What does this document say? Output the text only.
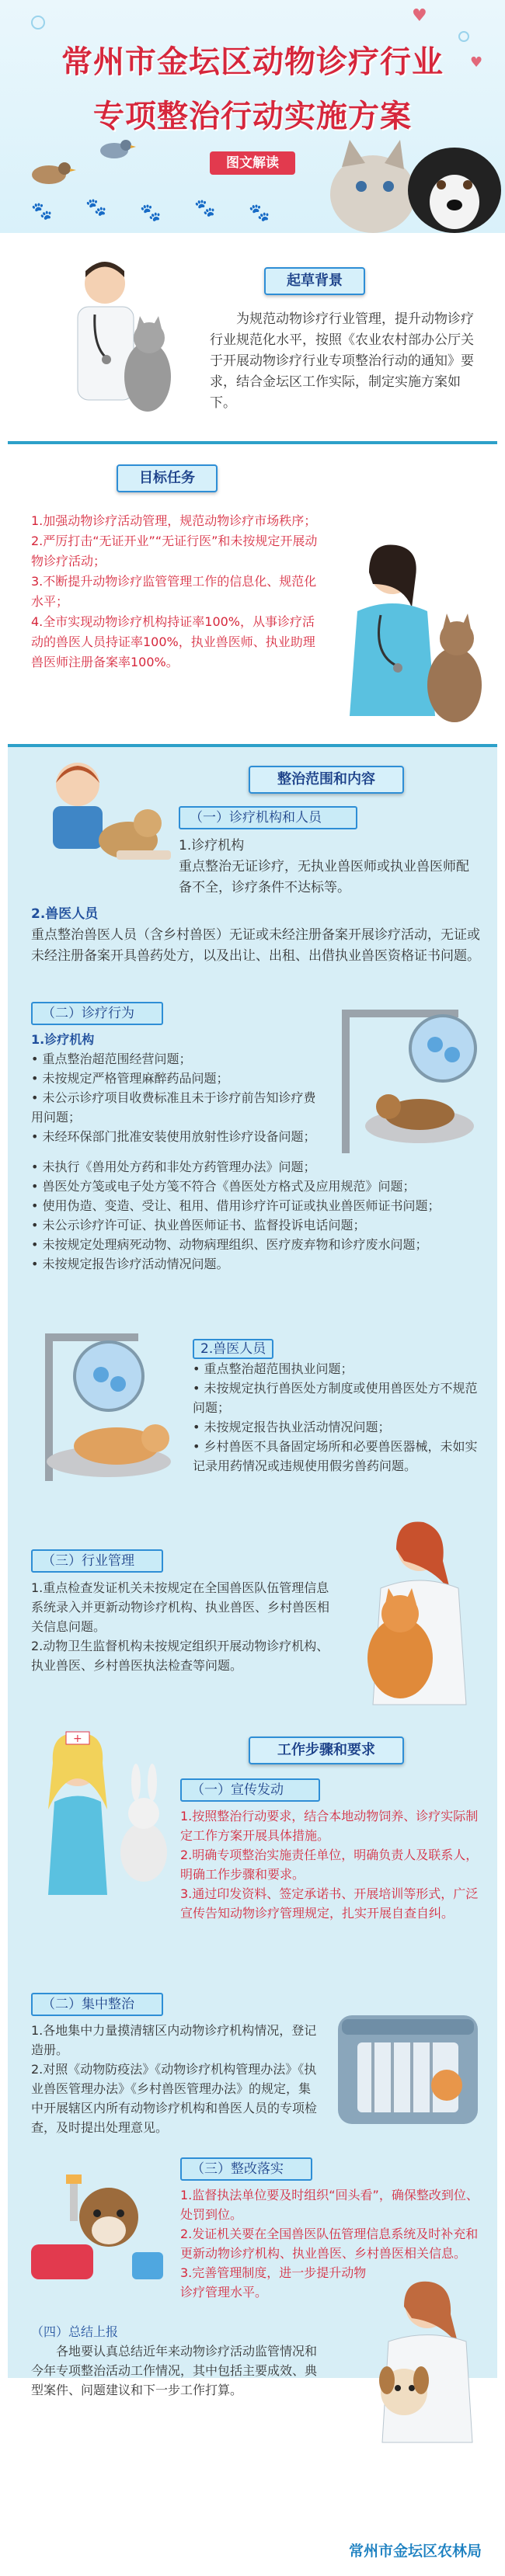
♥
♥
常州市金坛区动物诊疗行业
专项整治行动实施方案
图文解读
🐾 🐾 🐾 🐾 🐾
起草背景
为规范动物诊疗行业管理，提升动物诊疗行业规范化水平，按照《农业农村部办公厅关于开展动物诊疗行业专项整治行动的通知》要求，结合金坛区工作实际，制定实施方案如下。
目标任务

1.加强动物诊疗活动管理，规范动物诊疗市场秩序；

2.严厉打击“无证开业”“无证行医”和未按规定开展动物诊疗活动；

3.不断提升动物诊疗监管管理工作的信息化、规范化水平；

4.全市实现动物诊疗机构持证率100%，从事诊疗活动的兽医人员持证率100%，执业兽医师、执业助理兽医师注册备案率100%。

整治范围和内容
（一）诊疗机构和人员

1.诊疗机构

重点整治无证诊疗，无执业兽医师或执业兽医师配备不全，诊疗条件不达标等。

2.兽医人员

重点整治兽医人员（含乡村兽医）无证或未经注册备案开展诊疗活动，无证或未经注册备案开具兽药处方，以及出让、出租、出借执业兽医资格证书问题。

（二）诊疗行为

1.诊疗机构

• 重点整治超范围经营问题；

• 未按规定严格管理麻醉药品问题；

• 未公示诊疗项目收费标准且未于诊疗前告知诊疗费用问题；

• 未经环保部门批准安装使用放射性诊疗设备问题；

• 未执行《兽用处方药和非处方药管理办法》问题；

• 兽医处方笺或电子处方笺不符合《兽医处方格式及应用规范》问题；

• 使用伪造、变造、受让、租用、借用诊疗许可证或执业兽医师证书问题；

• 未公示诊疗许可证、执业兽医师证书、监督投诉电话问题；

• 未按规定处理病死动物、动物病理组织、医疗废弃物和诊疗废水问题；

• 未按规定报告诊疗活动情况问题。

2.兽医人员

• 重点整治超范围执业问题；

• 未按规定执行兽医处方制度或使用兽医处方不规范问题；

• 未按规定报告执业活动情况问题；

• 乡村兽医不具备固定场所和必要兽医器械，未如实记录用药情况或违规使用假劣兽药问题。

（三）行业管理

1.重点检查发证机关未按规定在全国兽医队伍管理信息系统录入并更新动物诊疗机构、执业兽医、乡村兽医相关信息问题。

2.动物卫生监督机构未按规定组织开展动物诊疗机构、执业兽医、乡村兽医执法检查等问题。

工作步骤和要求
+
（一）宣传发动

1.按照整治行动要求，结合本地动物饲养、诊疗实际制定工作方案开展具体措施。

2.明确专项整治实施责任单位，明确负责人及联系人，明确工作步骤和要求。

3.通过印发资料、签定承诺书、开展培训等形式，广泛宣传告知动物诊疗管理规定，扎实开展自查自纠。

（二）集中整治

1.各地集中力量摸清辖区内动物诊疗机构情况，登记造册。

2.对照《动物防疫法》《动物诊疗机构管理办法》《执业兽医管理办法》《乡村兽医管理办法》的规定，集中开展辖区内所有动物诊疗机构和兽医人员的专项检查，及时提出处理意见。

（三）整改落实

1.监督执法单位要及时组织“回头看”，确保整改到位、处罚到位。

2.发证机关要在全国兽医队伍管理信息系统及时补充和更新动物诊疗机构、执业兽医、乡村兽医相关信息。

3.完善管理制度，进一步提升动物诊疗管理水平。

（四）总结上报

各地要认真总结近年来动物诊疗活动监管情况和今年专项整治活动工作情况，其中包括主要成效、典型案件、问题建议和下一步工作打算。

常州市金坛区农林局
